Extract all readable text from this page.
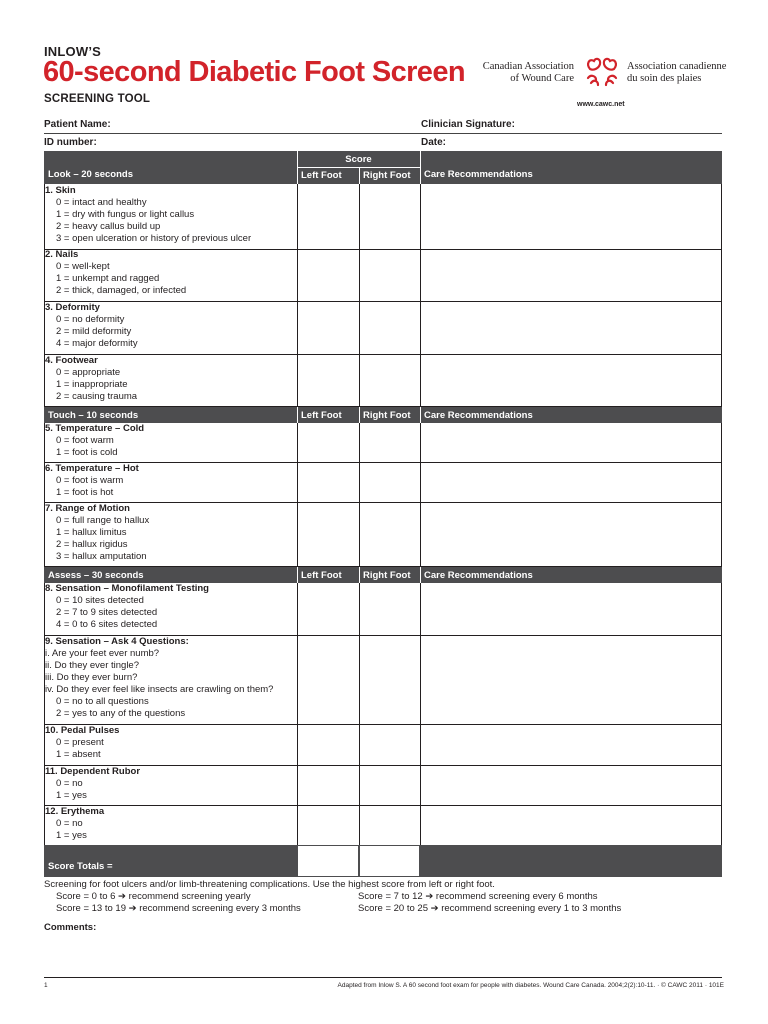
INLOW’S
60-second Diabetic Foot Screen
SCREENING TOOL
Canadian Association
of Wound Care
Association canadienne
du soin des plaies
www.cawc.net
Patient Name:	Clinician Signature:
ID number:	Date:
Look – 20 seconds
Score
Left Foot	Right Foot	Care Recommendations
1. Skin
0 = intact and healthy
1 = dry with fungus or light callus
2 = heavy callus build up
3 = open ulceration or history of previous ulcer
2. Nails
0 = well-kept
1 = unkempt and ragged
2 = thick, damaged, or infected
3. Deformity
0 = no deformity
2 = mild deformity
4 = major deformity
4. Footwear
0 = appropriate
1 = inappropriate
2 = causing trauma
Touch – 10 seconds	Left Foot	Right Foot	Care Recommendations
5. Temperature – Cold
0 = foot warm
1 = foot is cold
6. Temperature – Hot
0 = foot is warm
1 = foot is hot
7. Range of Motion
0 = full range to hallux
1 = hallux limitus
2 = hallux rigidus
3 = hallux amputation
Assess – 30 seconds	Left Foot	Right Foot	Care Recommendations
8. Sensation – Monofilament Testing
0 = 10 sites detected
2 = 7 to 9 sites detected
4 = 0 to 6 sites detected
9. Sensation – Ask 4 Questions:
i. Are your feet ever numb?
ii. Do they ever tingle?
iii. Do they ever burn?
iv. Do they ever feel like insects are crawling on them?
0 = no to all questions
2 = yes to any of the questions
10. Pedal Pulses
0 = present
1 = absent
11. Dependent Rubor
0 = no
1 = yes
12. Erythema
0 = no
1 = yes
Score Totals =
Screening for foot ulcers and/or limb-threatening complications. Use the highest score from left or right foot.
Score = 0 to 6 ➔ recommend screening yearly	Score = 7 to 12 ➔ recommend screening every 6 months
Score = 13 to 19 ➔ recommend screening every 3 months	Score = 20 to 25 ➔ recommend screening every 1 to 3 months
Comments:
1	Adapted from Inlow S. A 60 second foot exam for people with diabetes. Wound Care Canada. 2004;2(2):10-11. · © CAWC 2011 · 101E
